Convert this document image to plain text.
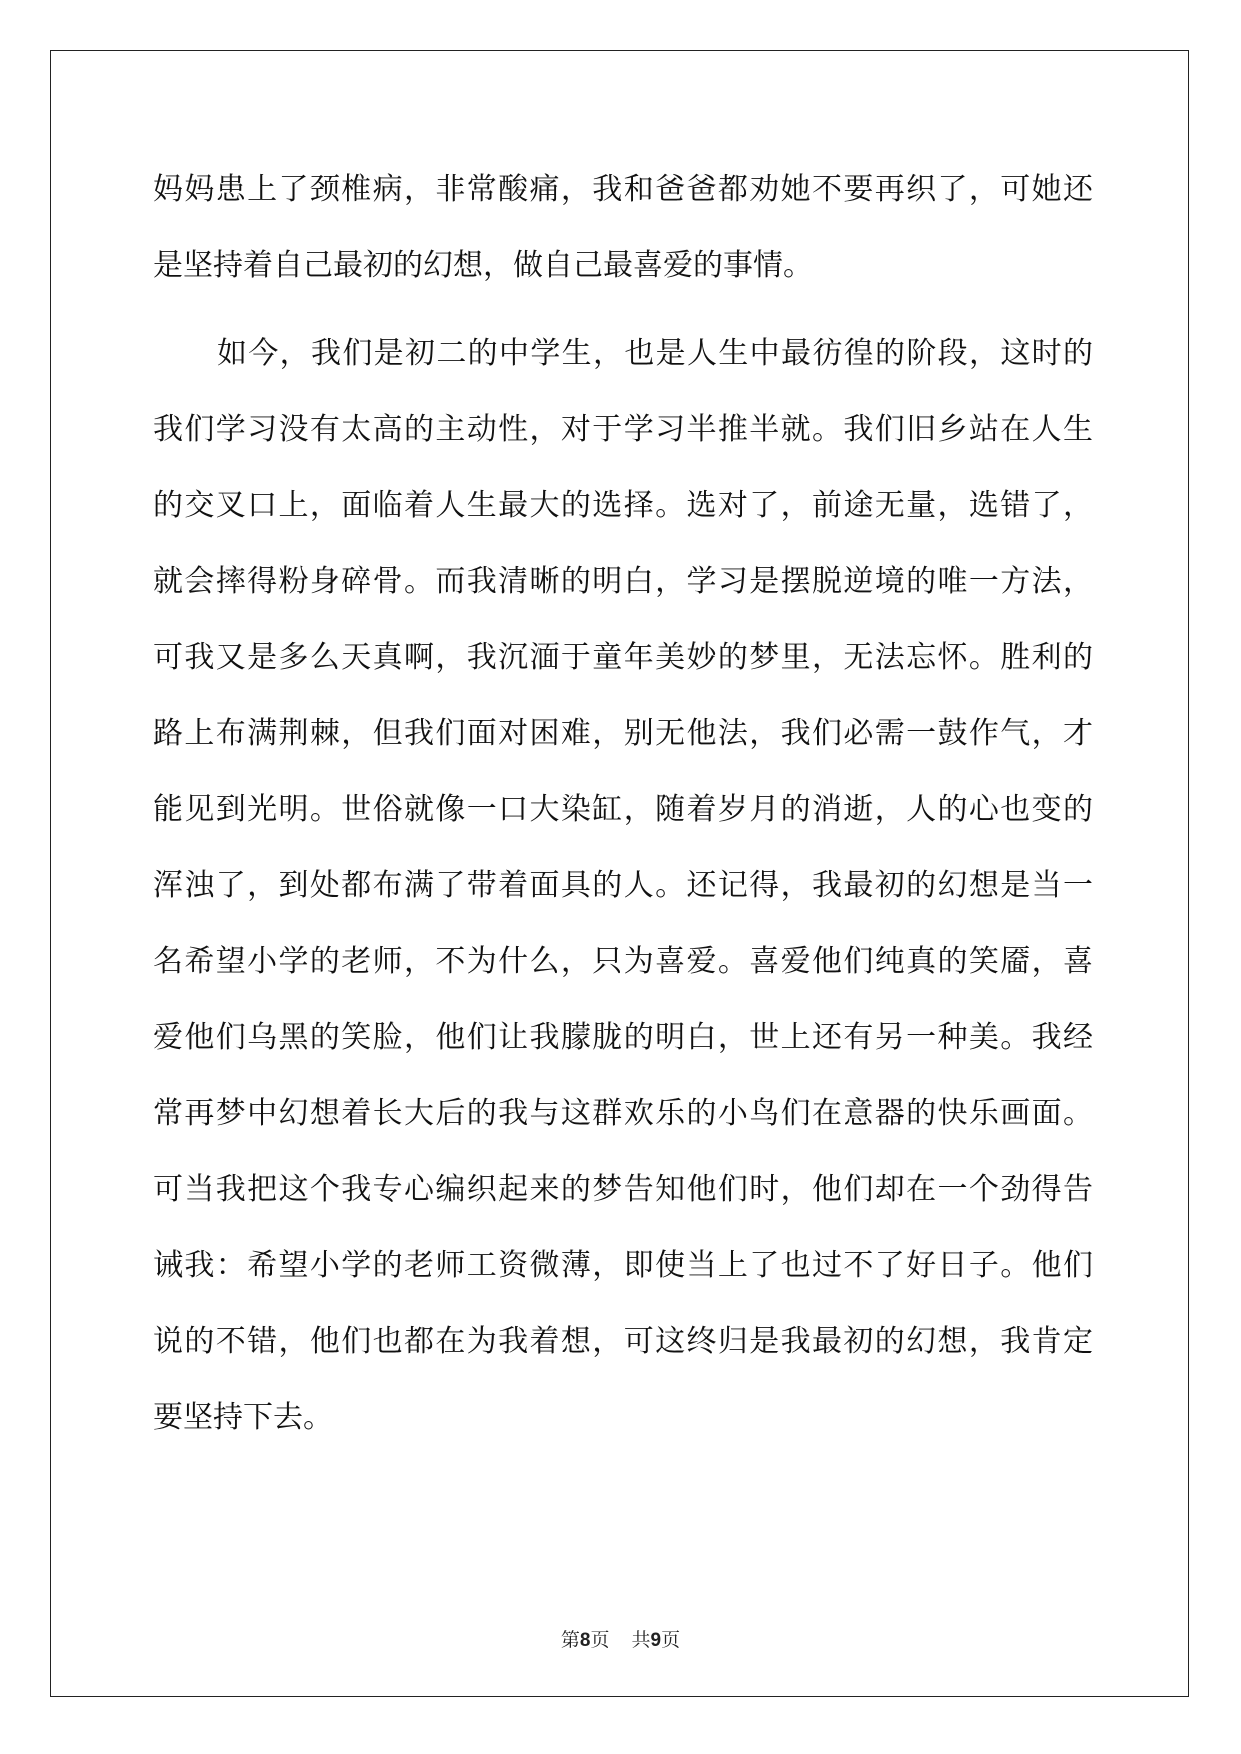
妈妈患上了颈椎病，非常酸痛，我和爸爸都劝她不要再织了，可她还
是坚持着自己最初的幻想，做自己最喜爱的事情。
如今，我们是初二的中学生，也是人生中最彷徨的阶段，这时的
我们学习没有太高的主动性，对于学习半推半就。我们旧乡站在人生
的交叉口上，面临着人生最大的选择。选对了，前途无量，选错了，
就会摔得粉身碎骨。而我清晰的明白，学习是摆脱逆境的唯一方法，
可我又是多么天真啊，我沉湎于童年美妙的梦里，无法忘怀。胜利的
路上布满荆棘，但我们面对困难，别无他法，我们必需一鼓作气，才
能见到光明。世俗就像一口大染缸，随着岁月的消逝，人的心也变的
浑浊了，到处都布满了带着面具的人。还记得，我最初的幻想是当一
名希望小学的老师，不为什么，只为喜爱。喜爱他们纯真的笑靥，喜
爱他们乌黑的笑脸，他们让我朦胧的明白，世上还有另一种美。我经
常再梦中幻想着长大后的我与这群欢乐的小鸟们在意器的快乐画面。
可当我把这个我专心编织起来的梦告知他们时，他们却在一个劲得告
诫我：希望小学的老师工资微薄，即使当上了也过不了好日子。他们
说的不错，他们也都在为我着想，可这终归是我最初的幻想，我肯定
要坚持下去。
第8页 共9页
